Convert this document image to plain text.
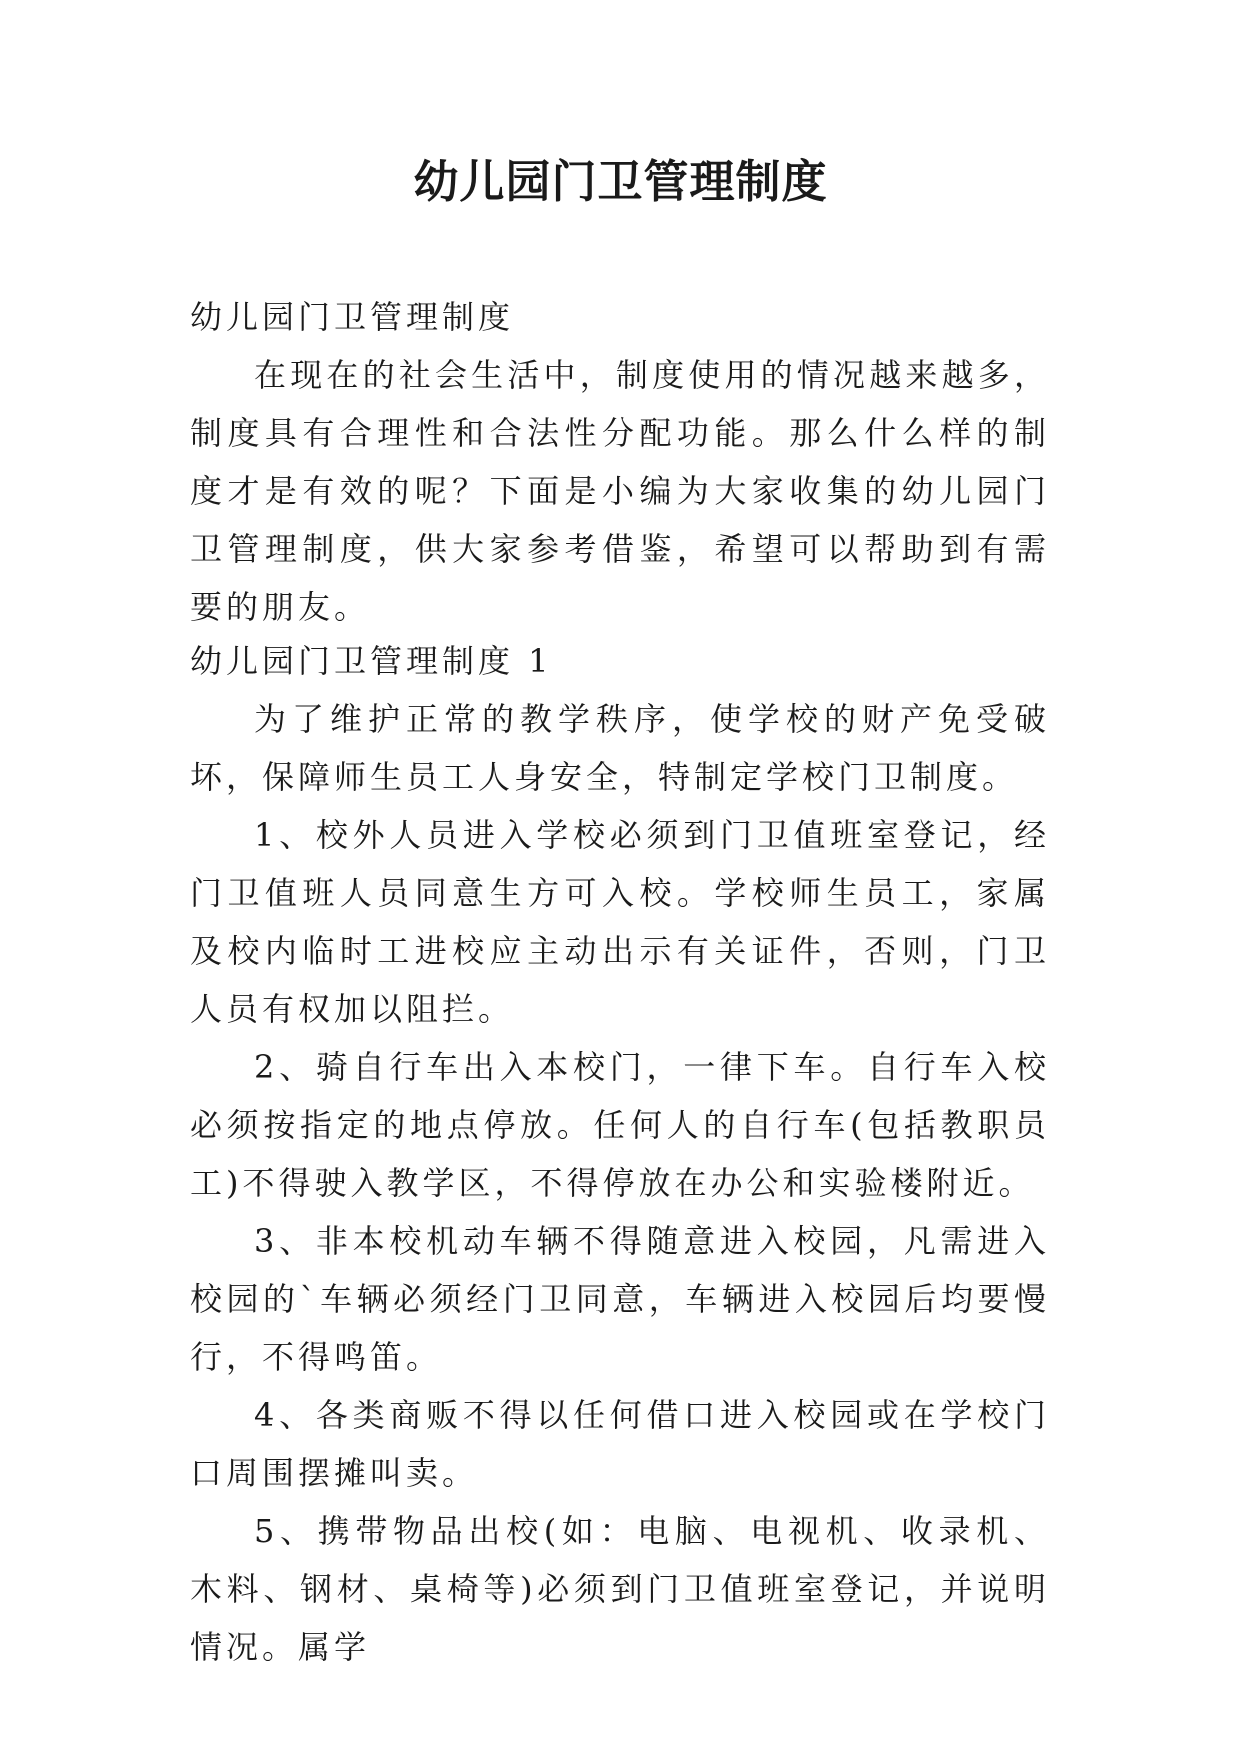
幼儿园门卫管理制度

幼儿园门卫管理制度

在现在的社会生活中，制度使用的情况越来越多，制度具有合理性和合法性分配功能。那么什么样的制度才是有效的呢？下面是小编为大家收集的幼儿园门卫管理制度，供大家参考借鉴，希望可以帮助到有需要的朋友。

幼儿园门卫管理制度 1

为了维护正常的教学秩序，使学校的财产免受破坏，保障师生员工人身安全，特制定学校门卫制度。

1、校外人员进入学校必须到门卫值班室登记，经门卫值班人员同意生方可入校。学校师生员工，家属及校内临时工进校应主动出示有关证件，否则，门卫人员有权加以阻拦。

2、骑自行车出入本校门，一律下车。自行车入校必须按指定的地点停放。任何人的自行车(包括教职员工)不得驶入教学区，不得停放在办公和实验楼附近。

3、非本校机动车辆不得随意进入校园，凡需进入校园的`车辆必须经门卫同意，车辆进入校园后均要慢行，不得鸣笛。

4、各类商贩不得以任何借口进入校园或在学校门口周围摆摊叫卖。

5、携带物品出校(如：电脑、电视机、收录机、木料、钢材、桌椅等)必须到门卫值班室登记，并说明情况。属学
